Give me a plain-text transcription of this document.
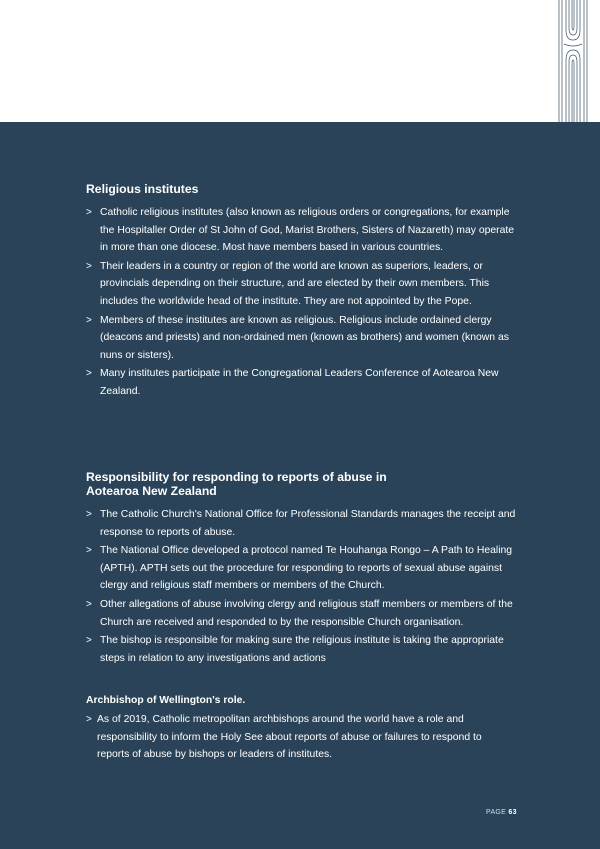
Religious institutes
> Catholic religious institutes (also known as religious orders or congregations, for example the Hospitaller Order of St John of God, Marist Brothers, Sisters of Nazareth) may operate in more than one diocese. Most have members based in various countries.
> Their leaders in a country or region of the world are known as superiors, leaders, or provincials depending on their structure, and are elected by their own members. This includes the worldwide head of the institute. They are not appointed by the Pope.
> Members of these institutes are known as religious. Religious include ordained clergy (deacons and priests) and non-ordained men (known as brothers) and women (known as nuns or sisters).
> Many institutes participate in the Congregational Leaders Conference of Aotearoa New Zealand.
Responsibility for responding to reports of abuse in Aotearoa New Zealand
> The Catholic Church's National Office for Professional Standards manages the receipt and response to reports of abuse.
> The National Office developed a protocol named Te Houhanga Rongo – A Path to Healing (APTH). APTH sets out the procedure for responding to reports of sexual abuse against clergy and religious staff members or members of the Church.
> Other allegations of abuse involving clergy and religious staff members or members of the Church are received and responded to by the responsible Church organisation.
> The bishop is responsible for making sure the religious institute is taking the appropriate steps in relation to any investigations and actions
Archbishop of Wellington's role.
> As of 2019, Catholic metropolitan archbishops around the world have a role and responsibility to inform the Holy See about reports of abuse or failures to respond to reports of abuse by bishops or leaders of institutes.
PAGE 63
